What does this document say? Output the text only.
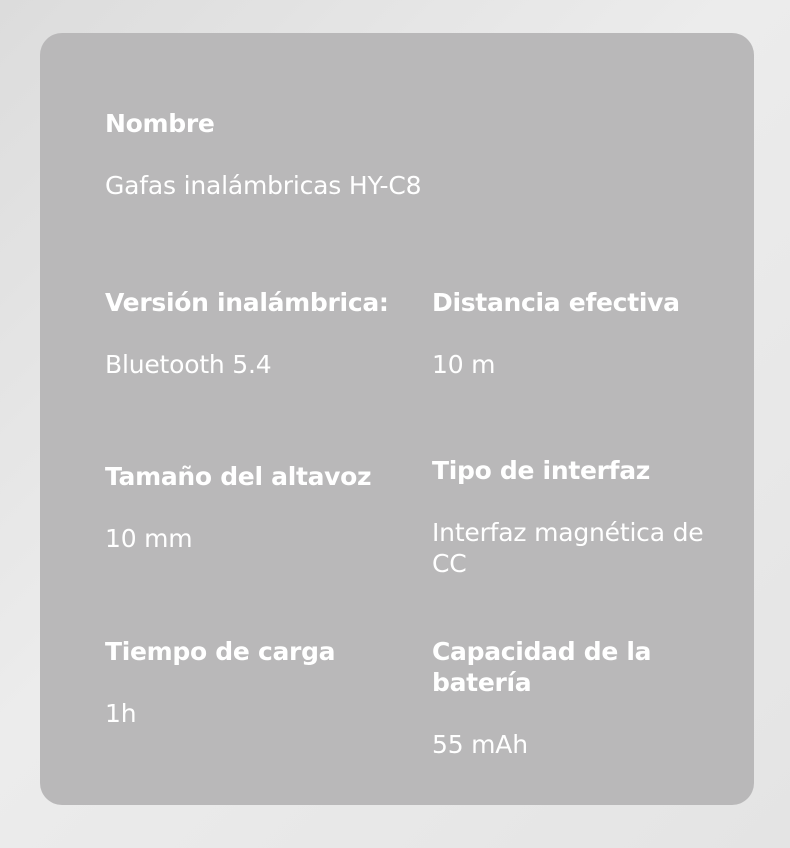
Nombre
Gafas inalámbricas HY-C8
Versión inalámbrica:
Bluetooth 5.4
Distancia efectiva
10 m
Tamaño del altavoz
10 mm
Tipo de interfaz
Interfaz magnética de CC
Tiempo de carga
1h
Capacidad de la batería
55 mAh
